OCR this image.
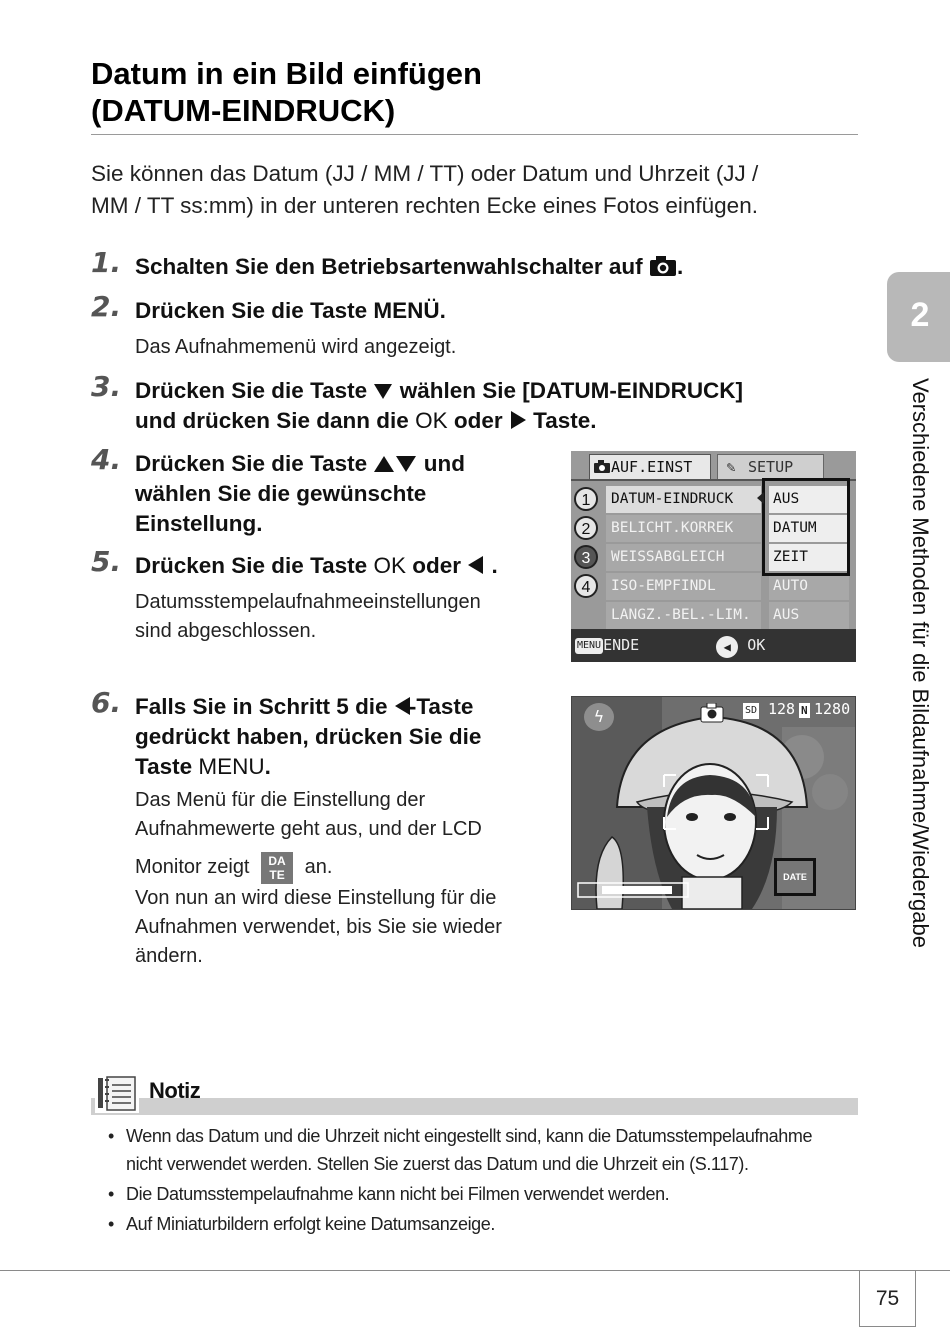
Datum in ein Bild einfügen
(DATUM-EINDRUCK)
Sie können das Datum (JJ / MM / TT) oder Datum und Uhrzeit (JJ /
MM / TT ss:mm) in der unteren rechten Ecke eines Fotos einfügen.
1. Schalten Sie den Betriebsartenwahlschalter auf .
2. Drücken Sie die Taste MENÜ.
Das Aufnahmemenü wird angezeigt.
3. Drücken Sie die Taste wählen Sie [DATUM-EINDRUCK]
und drücken Sie dann die OK oder Taste.
4. Drücken Sie die Taste	und
wählen Sie die gewünschte
Einstellung.
5. Drücken Sie die Taste OK oder .
Datumsstempelaufnahmeeinstellungen
sind abgeschlossen.
6. Falls Sie in Schritt 5 die -Taste
gedrückt haben, drücken Sie die
Taste MENU.
Das Menü für die Einstellung der
Aufnahmewerte geht aus, und der LCD
Monitor zeigt DA
TE an.
Von nun an wird diese Einstellung für die
Aufnahmen verwendet, bis Sie sie wieder
ändern.
AUF.EINST	✎ SETUP
1	DATUM-EINDRUCK	AUS
2	BELICHT.KORREK	DATUM
3	WEISSABGLEICH	ZEIT
4	ISO-EMPFINDL	AUTO
LANGZ.-BEL.-LIM.	AUS
MENU ENDE	◀ OK
ϟ	SD 128 N 1280
DATE
2
Verschiedene Methoden für die Bildaufnahme/Wiedergabe
Notiz
• Wenn das Datum und die Uhrzeit nicht eingestellt sind, kann die Datumsstempelaufnahme
nicht verwendet werden. Stellen Sie zuerst das Datum und die Uhrzeit ein (S.117).
• Die Datumsstempelaufnahme kann nicht bei Filmen verwendet werden.
• Auf Miniaturbildern erfolgt keine Datumsanzeige.
75
